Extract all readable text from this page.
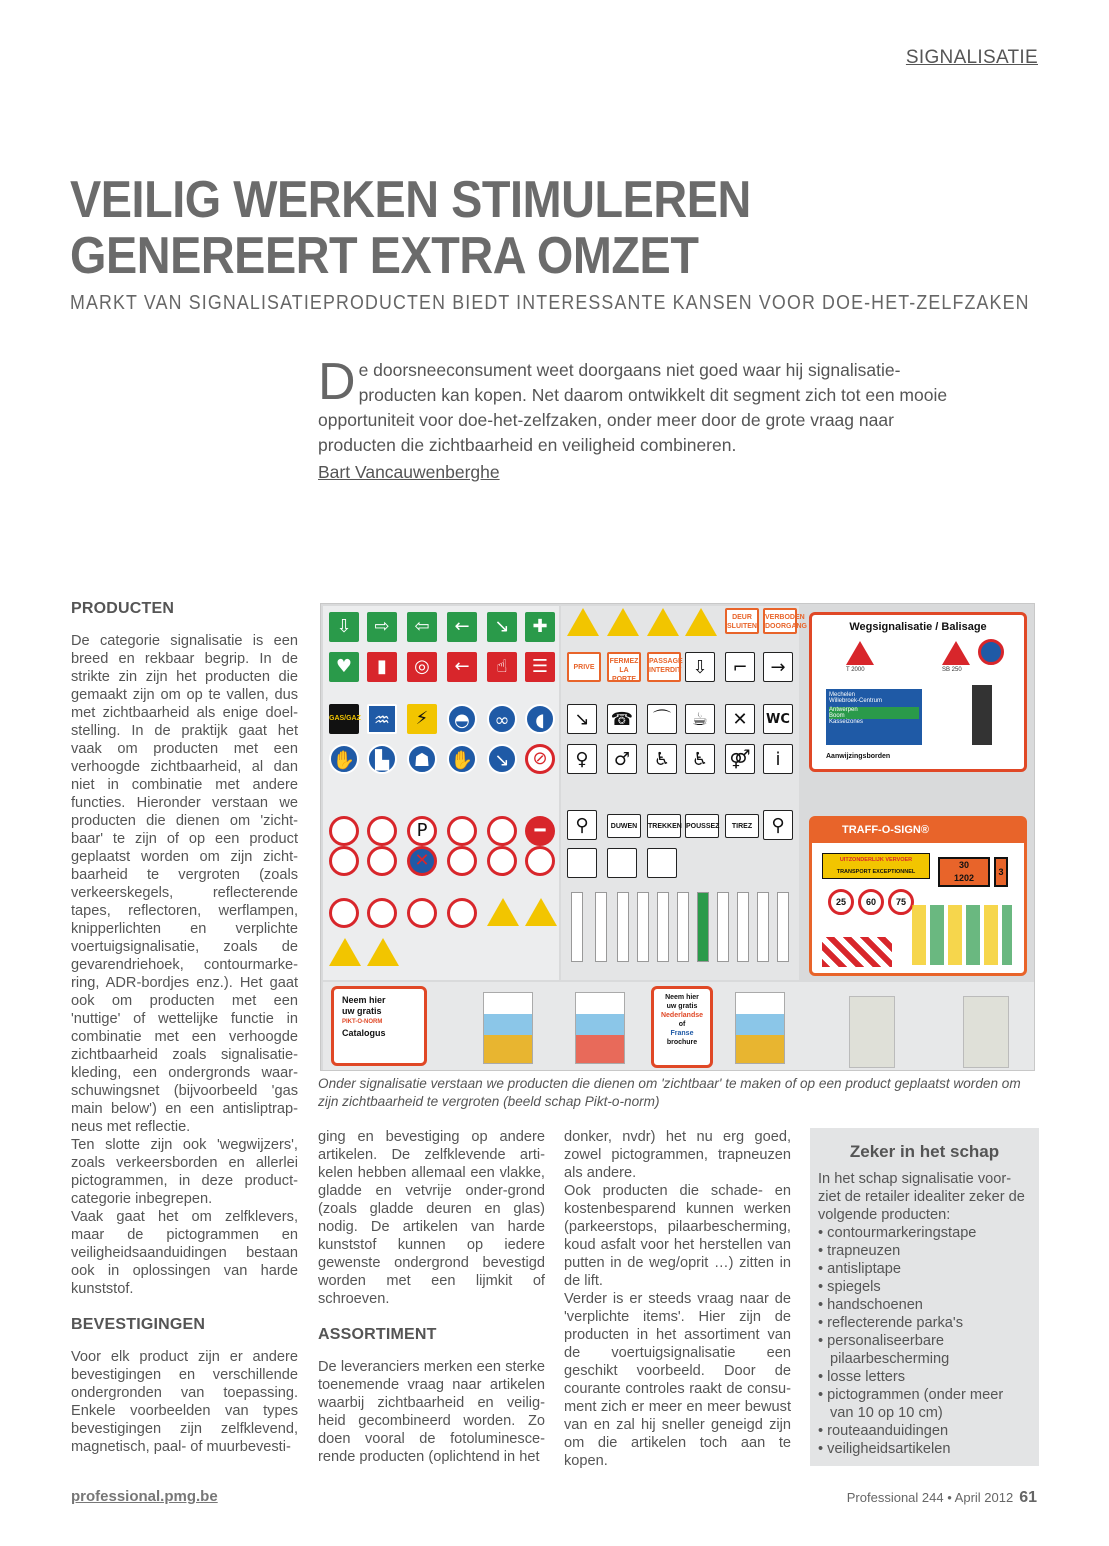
SIGNALISATIE
VEILIG WERKEN STIMULEREN
GENEREERT EXTRA OMZET
MARKT VAN SIGNALISATIEPRODUCTEN BIEDT INTERESSANTE KANSEN VOOR DOE-HET-ZELFZAKEN
De doorsneeconsument weet doorgaans niet goed waar hij signalisatie-producten kan kopen. Net daarom ontwikkelt dit segment zich tot een mooie opportuniteit voor doe-het-zelfzaken, onder meer door de grote vraag naar producten die zichtbaarheid en veiligheid combineren.
Bart Vancauwenberghe
PRODUCTEN

De categorie signalisatie is een breed en rekbaar begrip. In de strikte zin zijn het producten die gemaakt zijn om op te vallen, dus met zichtbaarheid als enige doel-stelling. In de praktijk gaat het vaak om producten met een verhoogde zichtbaarheid, al dan niet in combinatie met andere functies. Hieronder verstaan we producten die dienen om 'zicht-baar' te zijn of op een product geplaatst worden om zijn zicht-baarheid te vergroten (zoals verkeerskegels, reflecterende tapes, reflectoren, werflampen, knipperlichten en verplichte voertuigsignalisatie, zoals de gevarendriehoek, contourmarke-ring, ADR-bordjes enz.). Het gaat ook om producten met een 'nuttige' of wettelijke functie in combinatie met een verhoogde zichtbaarheid zoals signalisatie-kleding, een ondergronds waar-schuwingsnet (bijvoorbeeld 'gas main below') en een antisliptrap-neus met reflectie.

Ten slotte zijn ook 'wegwijzers', zoals verkeersborden en allerlei pictogrammen, in deze product-categorie inbegrepen.

Vaak gaat het om zelfklevers, maar de pictogrammen en veiligheidsaanduidingen bestaan ook in oplossingen van harde kunststof.

BEVESTIGINGEN

Voor elk product zijn er andere bevestigingen en verschillende ondergronden van toepassing. Enkele voorbeelden van types bevestigingen zijn zelfklevend, magnetisch, paal- of muurbevesti-

⇩	⇨	⇦	←	↘	✚
♥	▮	◎	←	☝	☰
GAS/GAZ ♒	⚡	◓	∞	◖
✋	▙	☗ ✋	↘	⊘
P	━
✕
DEUR SLUITEN
VERBODEN DOORGANG
PRIVE
FERMEZ LA PORTE
PASSAGE INTERDIT ⇩	⌐	→
↘	☎ ⌒	☕	✕	WC
♀	♂	♿	♿	⚤	i
⚲	DUWEN	TREKKEN POUSSEZ	TIREZ	⚲
Wegsignalisatie / Balisage
T 2000	SB 250
Mechelen
Willebroek-Centrum
Antwerpen
Boom
Kasseiz​ones
Aanwijzingsborden
TRAFF-O-SIGN®
UITZONDERLIJK VERVOER
TRANSPORT EXCEPTIONNEL
25	60	75
30
1202
3
Neem hier
uw gratis
PIKT-O-NORM
Catalogus
Neem hier
uw gratis
Nederlandse
of
Franse
brochure
Onder signalisatie verstaan we producten die dienen om 'zichtbaar' te maken of op een product geplaatst worden om zijn zichtbaarheid te vergroten (beeld schap Pikt-o-norm)

ging en bevestiging op andere artikelen. De zelfklevende arti-kelen hebben allemaal een vlakke, gladde en vetvrije onder-grond (zoals gladde deuren en glas) nodig. De artikelen van harde kunststof kunnen op iedere gewenste ondergrond bevestigd worden met een lijmkit of schroeven.

ASSORTIMENT

De leveranciers merken een sterke toenemende vraag naar artikelen waarbij zichtbaarheid en veilig-heid gecombineerd worden. Zo doen vooral de fotoluminesce-rende producten (oplichtend in het

donker, nvdr) het nu erg goed, zowel pictogrammen, trapneuzen als andere.

Ook producten die schade- en kostenbesparend kunnen werken (parkeerstops, pilaarbescherming, koud asfalt voor het herstellen van putten in de weg/oprit …) zitten in de lift.

Verder is er steeds vraag naar de 'verplichte items'. Hier zijn de producten in het assortiment van de voertuigsignalisatie een geschikt voorbeeld. Door de courante controles raakt de consu-ment zich er meer en meer bewust van en zal hij sneller geneigd zijn om die artikelen toch aan te kopen.

Zeker in het schap

In het schap signalisatie voor-ziet de retailer idealiter zeker de volgende producten:

• contourmarkeringstape
• trapneuzen
• antisliptape
• spiegels
• handschoenen
• reflecterende parka's
• personaliseerbare
pilaarbescherming
• losse letters
• pictogrammen (onder meer
van 10 op 10 cm)
• routeaanduidingen
• veiligheidsartikelen
professional.pmg.be	Professional 244 • April 2012 61
